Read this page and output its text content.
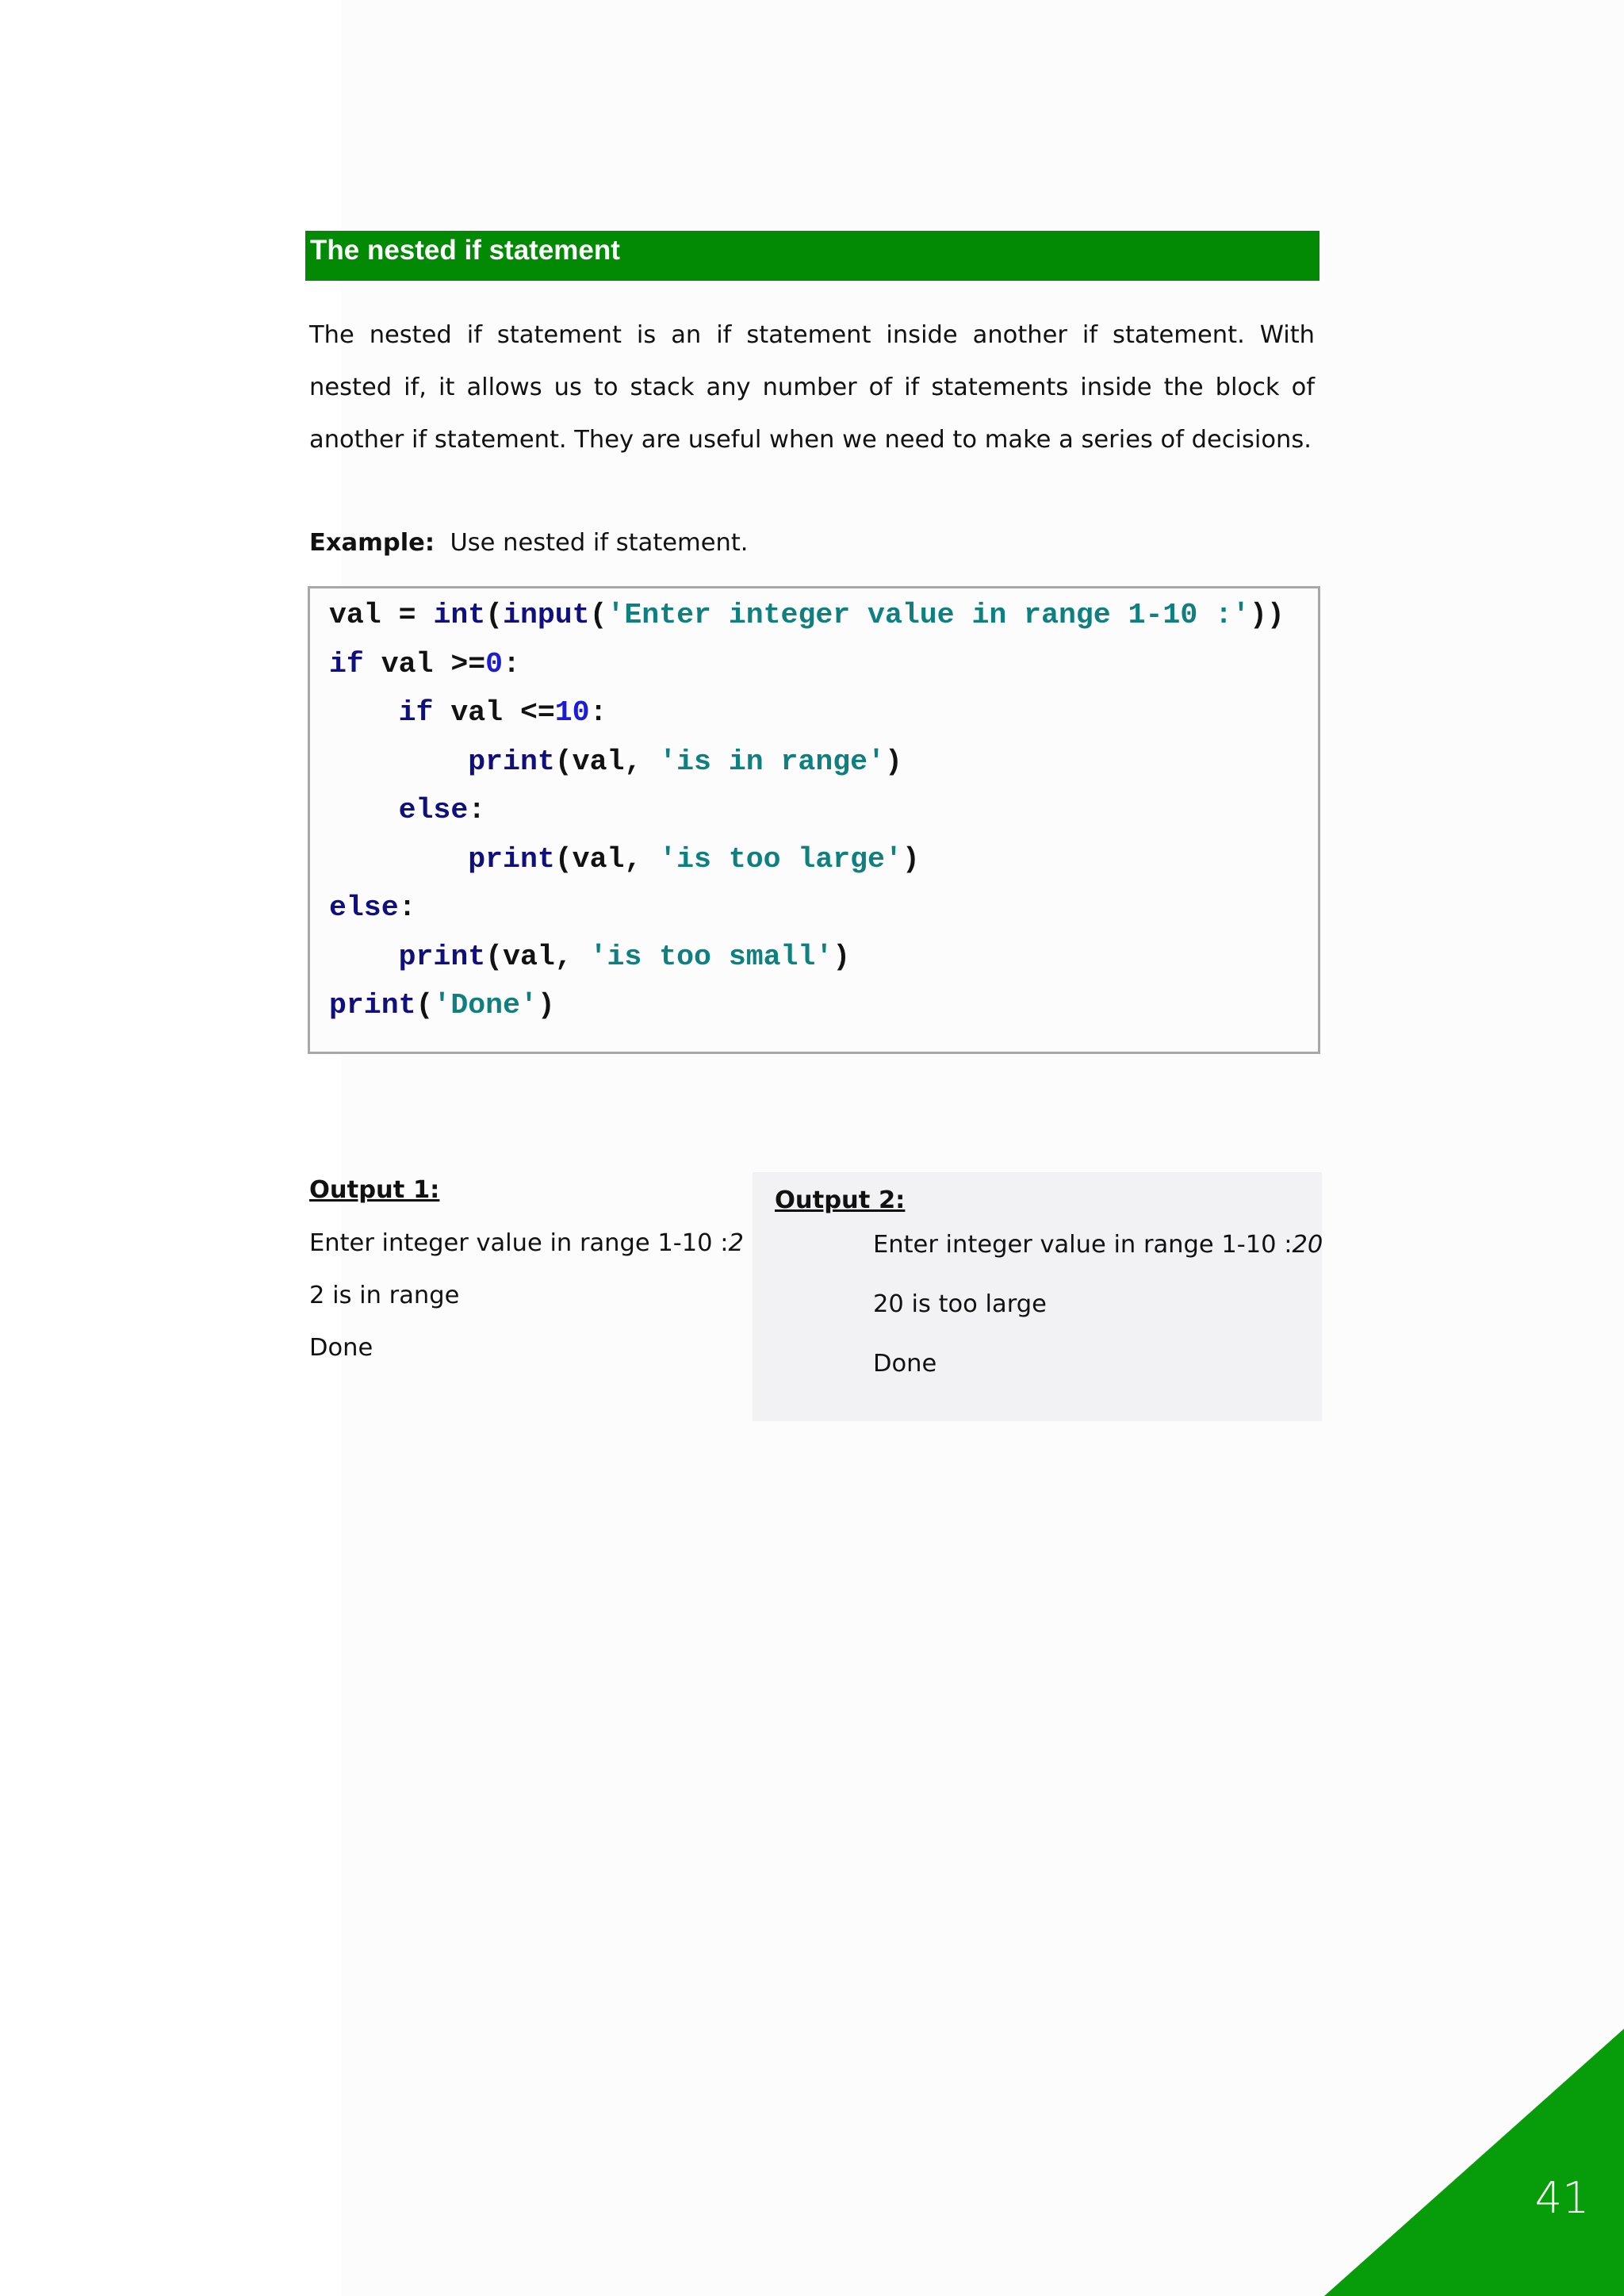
The nested if statement

The nested if statement is an if statement inside another if statement. With nested if, it allows us to stack any number of if statements inside the block of another if statement. They are useful when we need to make a series of decisions.

Example: Use nested if statement.

val = int(input('Enter integer value in range 1-10 :'))
if val >=0:
if val <=10:
print(val, 'is in range')
else:
print(val, 'is too large')
else:
print(val, 'is too small')
print('Done')

Output 1:

Enter integer value in range 1-10 :2

2 is in range

Done

Output 2:

Enter integer value in range 1-10 :20

20 is too large

Done

41
